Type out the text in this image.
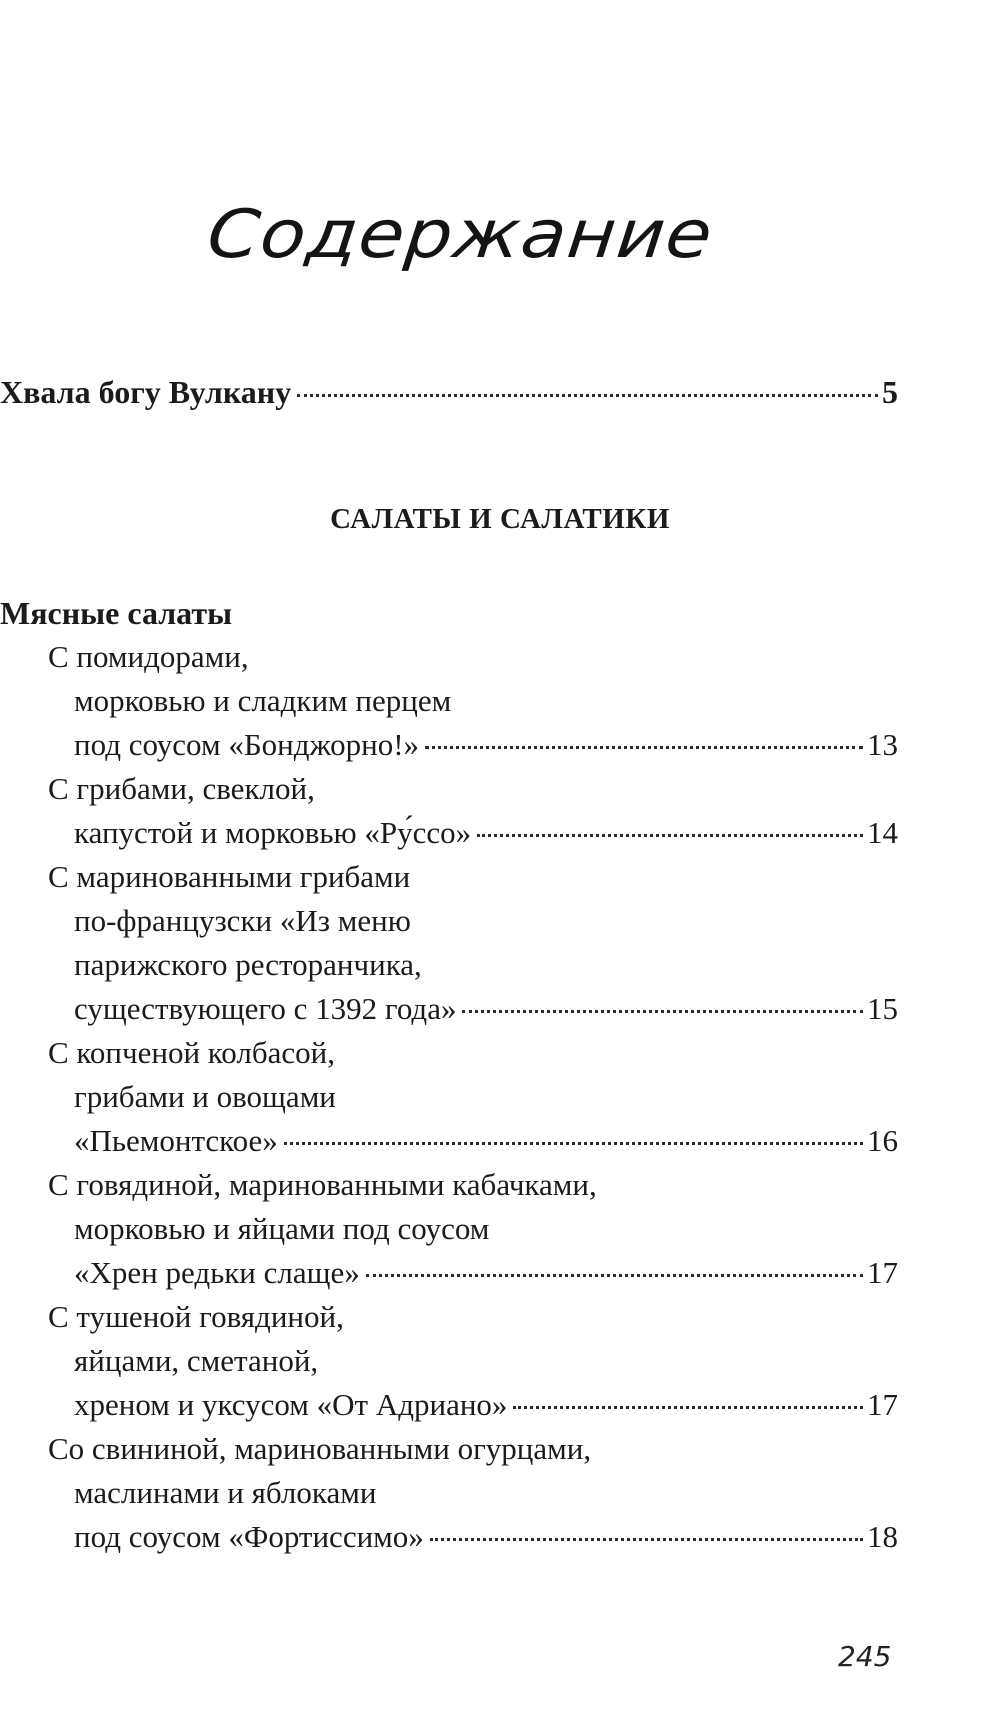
Содержание
Хвала богу Вулкану	5
САЛАТЫ И САЛАТИКИ
Мясные салаты
С помидорами,
морковью и сладким перцем
под соусом «Бонджорно!»	13
С грибами, свеклой,
капустой и морковью «Ру́ссо»	14
С маринованными грибами
по-французски «Из меню
парижского ресторанчика,
существующего с 1392 года»	15
С копченой колбасой,
грибами и овощами
«Пьемонтское»	16
С говядиной, маринованными кабачками,
морковью и яйцами под соусом
«Хрен редьки слаще»	17
С тушеной говядиной,
яйцами, сметаной,
хреном и уксусом «От Адриано»	17
Со свининой, маринованными огурцами,
маслинами и яблоками
под соусом «Фортиссимо»	18
245
